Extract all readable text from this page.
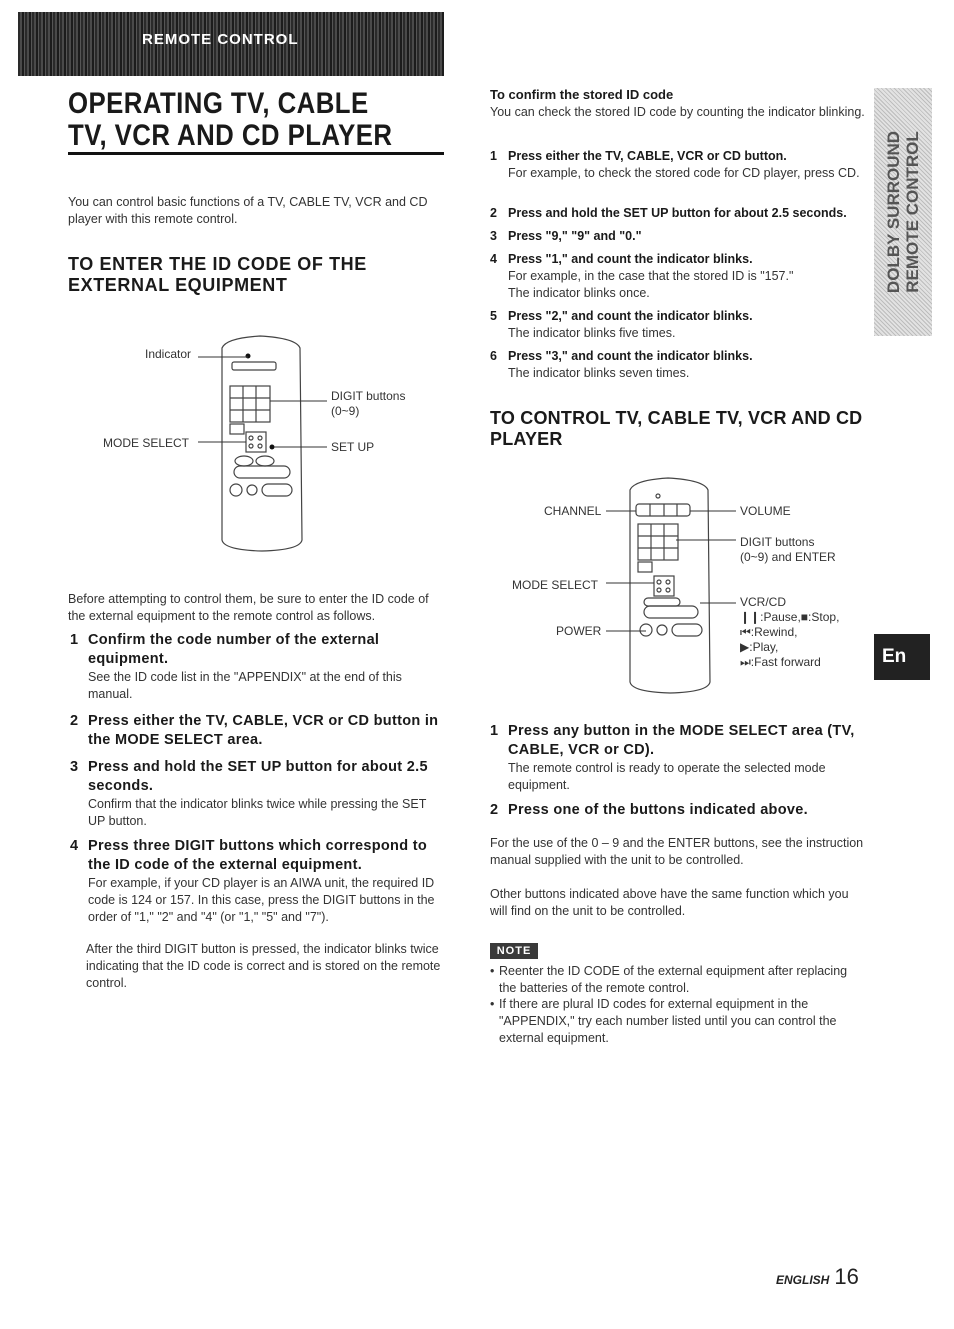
REMOTE CONTROL
OPERATING TV, CABLE TV, VCR AND CD PLAYER
You can control basic functions of a TV, CABLE TV, VCR and CD player with this remote control.
TO ENTER THE ID CODE OF THE EXTERNAL EQUIPMENT
Indicator
DIGIT buttons
(0~9)
MODE SELECT	SET UP
Before attempting to control them, be sure to enter the ID code of the external equipment to the remote control as follows.
1 Confirm the code number of the external equipment.
See the ID code list in the "APPENDIX" at the end of this manual.
2 Press either the TV, CABLE, VCR or CD button in the MODE SELECT area.
3 Press and hold the SET UP button for about 2.5 seconds.
Confirm that the indicator blinks twice while pressing the SET UP button.
4 Press three DIGIT buttons which correspond to the ID code of the external equipment.
For example, if your CD player is an AIWA unit, the required ID code is 124 or 157. In this case, press the DIGIT buttons in the order of "1," "2" and "4" (or "1," "5" and "7").
After the third DIGIT button is pressed, the indicator blinks twice indicating that the ID code is correct and is stored on the remote control.
To confirm the stored ID code
You can check the stored ID code by counting the indicator blinking.
1 Press either the TV, CABLE, VCR or CD button.
For example, to check the stored code for CD player, press CD.
2 Press and hold the SET UP button for about 2.5 seconds.
3 Press "9," "9" and "0."
4 Press "1," and count the indicator blinks.
For example, in the case that the stored ID is "157." The indicator blinks once.
5 Press "2," and count the indicator blinks.
The indicator blinks five times.
6 Press "3," and count the indicator blinks.
The indicator blinks seven times.
TO CONTROL TV, CABLE TV, VCR AND CD PLAYER
CHANNEL	VOLUME
DIGIT buttons
(0~9) and ENTER
MODE SELECT
VCR/CD
❙❙:Pause,■:Stop,
POWER	⏮:Rewind,
▶:Play,
⏭:Fast forward
1 Press any button in the MODE SELECT area (TV, CABLE, VCR or CD).
The remote control is ready to operate the selected mode equipment.
2 Press one of the buttons indicated above.
For the use of the 0 – 9 and the ENTER buttons, see the instruction manual supplied with the unit to be controlled.
Other buttons indicated above have the same function which you will find on the unit to be controlled.
NOTE
• Reenter the ID CODE of the external equipment after replacing the batteries of the remote control.
• If there are plural ID codes for external equipment in the "APPENDIX," try each number listed until you can control the external equipment.
DOLBY SURROUND REMOTE CONTROL
En
ENGLISH 16
